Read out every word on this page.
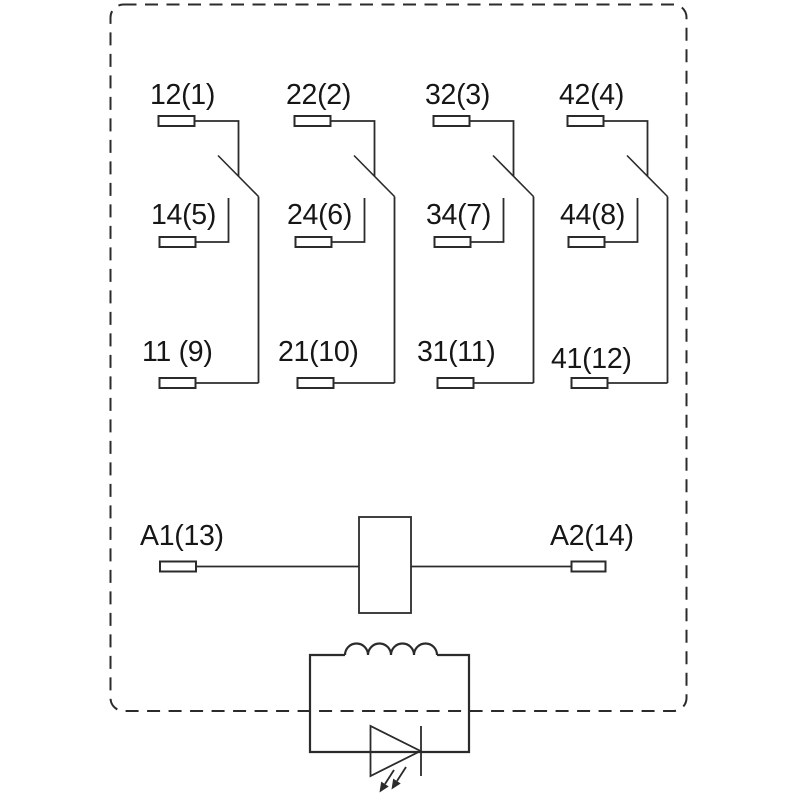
12(1)
14(5)
11 (9)
22(2)
24(6)
21(10)
32(3)
34(7)
31(11)
42(4)
44(8)
41(12)
A1(13)	A2(14)
